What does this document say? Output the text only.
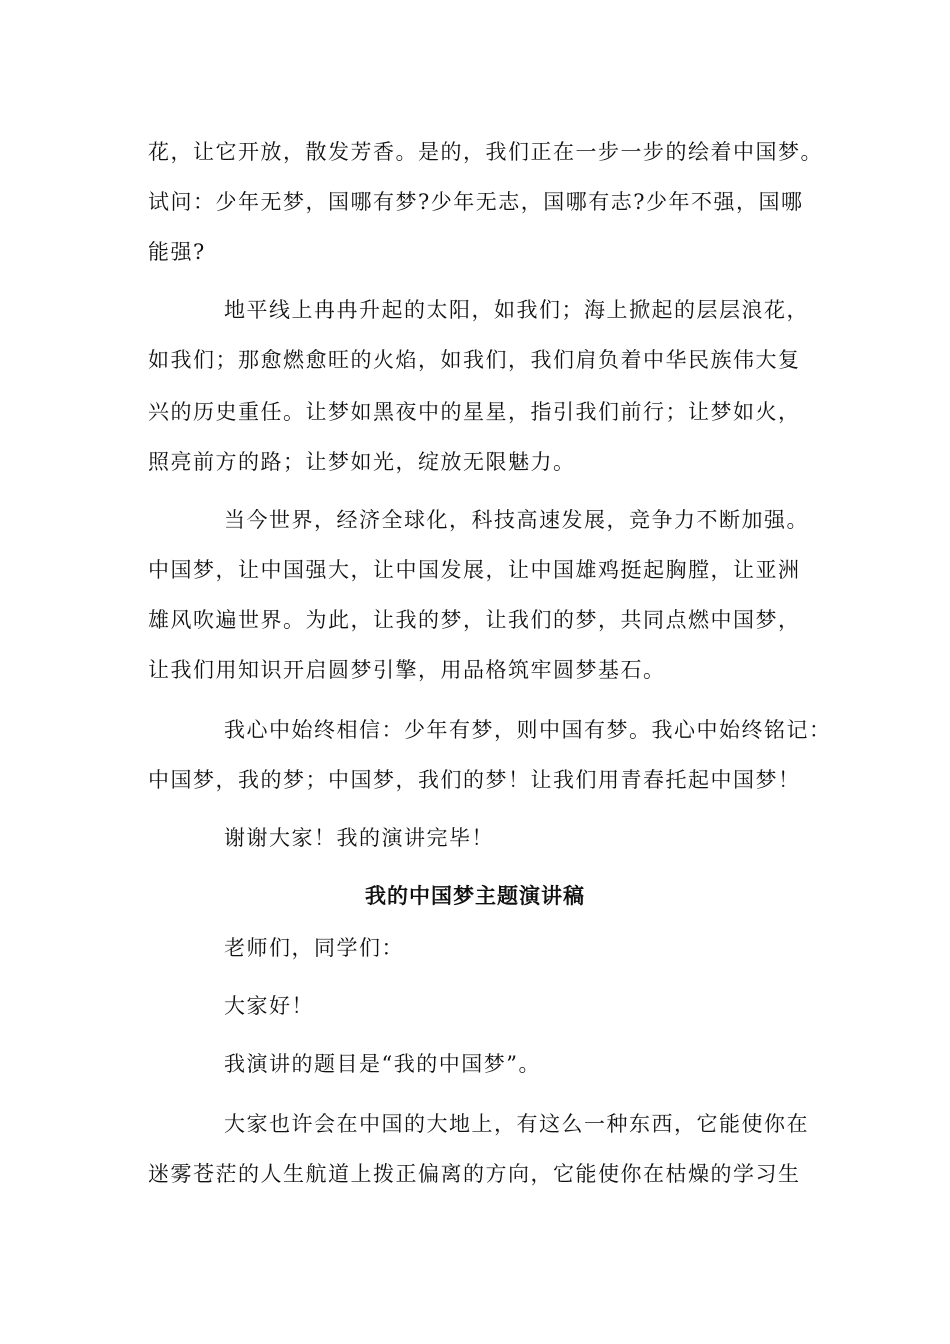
花，让它开放，散发芳香。是的，我们正在一步一步的绘着中国梦。
试问：少年无梦，国哪有梦?少年无志，国哪有志?少年不强，国哪
能强?
地平线上冉冉升起的太阳，如我们；海上掀起的层层浪花，
如我们；那愈燃愈旺的火焰，如我们，我们肩负着中华民族伟大复
兴的历史重任。让梦如黑夜中的星星，指引我们前行；让梦如火，
照亮前方的路；让梦如光，绽放无限魅力。
当今世界，经济全球化，科技高速发展，竞争力不断加强。
中国梦，让中国强大，让中国发展，让中国雄鸡挺起胸膛，让亚洲
雄风吹遍世界。为此，让我的梦，让我们的梦，共同点燃中国梦，
让我们用知识开启圆梦引擎，用品格筑牢圆梦基石。
我心中始终相信：少年有梦，则中国有梦。我心中始终铭记：
中国梦，我的梦；中国梦，我们的梦！让我们用青春托起中国梦！
谢谢大家！我的演讲完毕！
我的中国梦主题演讲稿
老师们，同学们：
大家好！
我演讲的题目是“我的中国梦”。
大家也许会在中国的大地上，有这么一种东西，它能使你在
迷雾苍茫的人生航道上拨正偏离的方向，它能使你在枯燥的学习生
